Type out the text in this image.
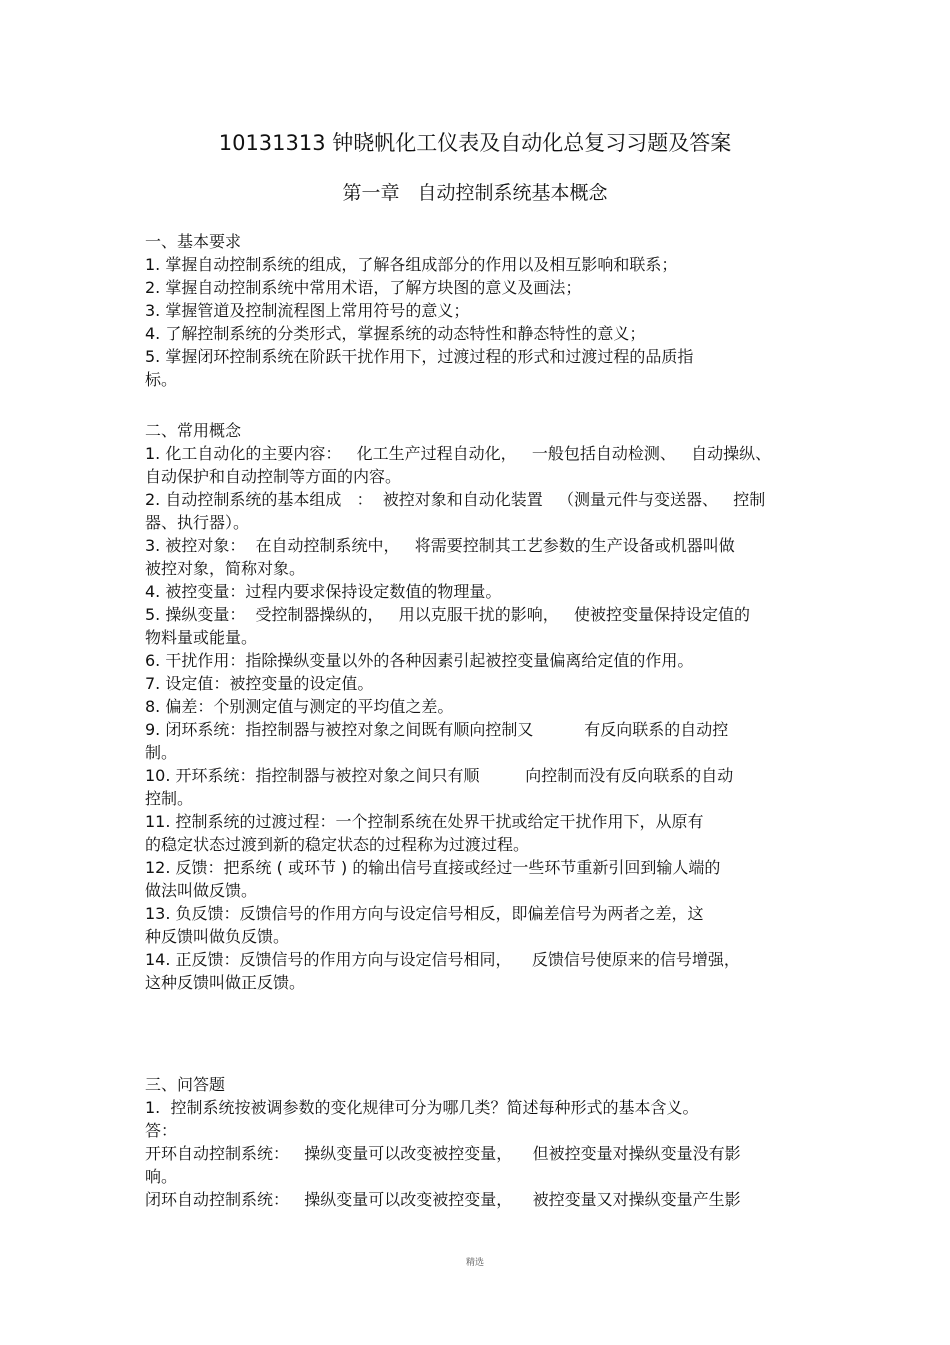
10131313 钟晓帆化工仪表及自动化总复习习题及答案
第一章   自动控制系统基本概念
一、基本要求
1. 掌握自动控制系统的组成，了解各组成部分的作用以及相互影响和联系；
2. 掌握自动控制系统中常用术语，了解方块图的意义及画法；
3. 掌握管道及控制流程图上常用符号的意义；
4. 了解控制系统的分类形式，掌握系统的动态特性和静态特性的意义；
5. 掌握闭环控制系统在阶跃干扰作用下，过渡过程的形式和过渡过程的品质指
标。
二、常用概念
1. 化工自动化的主要内容：   化工生产过程自动化，   一般包括自动检测、   自动操纵、
自动保护和自动控制等方面的内容。
2. 自动控制系统的基本组成   ：  被控对象和自动化装置   （测量元件与变送器、   控制
器、执行器）。
3. 被控对象：  在自动控制系统中，   将需要控制其工艺参数的生产设备或机器叫做
被控对象，简称对象。
4. 被控变量：过程内要求保持设定数值的物理量。
5. 操纵变量：  受控制器操纵的，   用以克服干扰的影响，   使被控变量保持设定值的
物料量或能量。
6. 干扰作用：指除操纵变量以外的各种因素引起被控变量偏离给定值的作用。
7. 设定值：被控变量的设定值。
8. 偏差：个别测定值与测定的平均值之差。
9. 闭环系统：指控制器与被控对象之间既有顺向控制又          有反向联系的自动控
制。
10. 开环系统：指控制器与被控对象之间只有顺         向控制而没有反向联系的自动
控制。
11. 控制系统的过渡过程：一个控制系统在处界干扰或给定干扰作用下，从原有
的稳定状态过渡到新的稳定状态的过程称为过渡过程。
12. 反馈：把系统 ( 或环节 ) 的输出信号直接或经过一些环节重新引回到输人端的
做法叫做反馈。
13. 负反馈：反馈信号的作用方向与设定信号相反，即偏差信号为两者之差，这
种反馈叫做负反馈。
14. 正反馈：反馈信号的作用方向与设定信号相同，    反馈信号使原来的信号增强，
这种反馈叫做正反馈。
三、问答题
1.  控制系统按被调参数的变化规律可分为哪几类？简述每种形式的基本含义。
答：
开环自动控制系统：   操纵变量可以改变被控变量，    但被控变量对操纵变量没有影
响。
闭环自动控制系统：   操纵变量可以改变被控变量，    被控变量又对操纵变量产生影
精选
